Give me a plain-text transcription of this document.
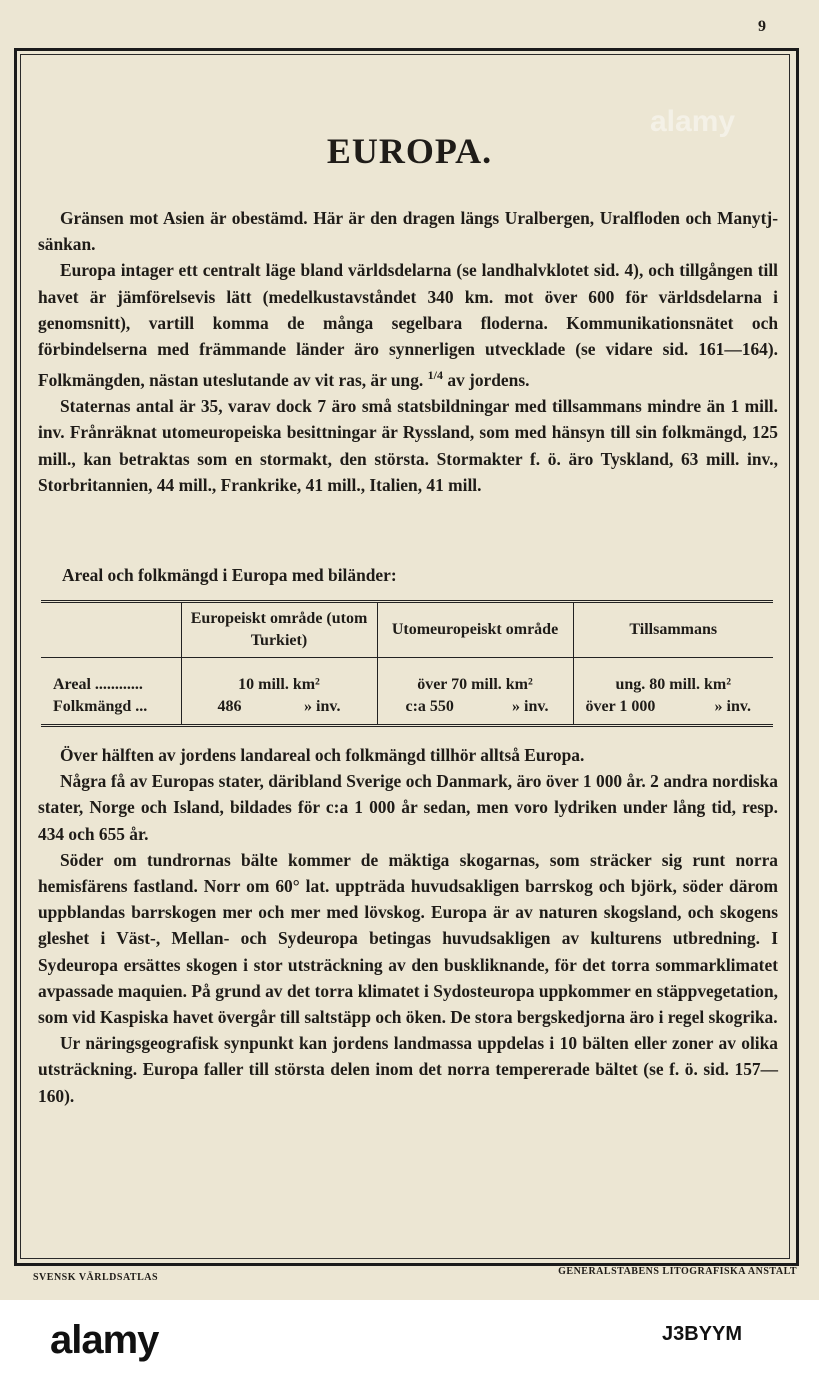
9
alamy
EUROPA.

Gränsen mot Asien är obestämd. Här är den dragen längs Uralbergen, Uralfloden och Manytj-sänkan.

Europa intager ett centralt läge bland världsdelarna (se landhalvklotet sid. 4), och tillgången till havet är jämförelsevis lätt (medelkustavståndet 340 km. mot över 600 för världsdelarna i genomsnitt), vartill komma de många segelbara floderna. Kommunikationsnätet och förbindelserna med främmande länder äro synnerligen utvecklade (se vidare sid. 161—164). Folkmängden, nästan uteslutande av vit ras, är ung. $^{1/4}$ av jordens.

Staternas antal är 35, varav dock 7 äro små statsbildningar med tillsammans mindre än 1 mill. inv. Frånräknat utomeuropeiska besittningar är Ryssland, som med hänsyn till sin folkmängd, 125 mill., kan betraktas som en stormakt, den största. Stormakter f. ö. äro Tyskland, 63 mill. inv., Storbritannien, 44 mill., Frankrike, 41 mill., Italien, 41 mill.

Areal och folkmängd i Europa med biländer:
	Europeiskt område (utom Turkiet)	Utomeuropeiskt område	Tillsammans
Areal ............	10 mill. km²	över 70 mill. km²	ung. 80 mill. km²
Folkmängd ...	486 » inv.	c:a 550 » inv.	över 1 000 » inv.

Över hälften av jordens landareal och folkmängd tillhör alltså Europa.

Några få av Europas stater, däribland Sverige och Danmark, äro över 1 000 år. 2 andra nordiska stater, Norge och Island, bildades för c:a 1 000 år sedan, men voro lydriken under lång tid, resp. 434 och 655 år.

Söder om tundrornas bälte kommer de mäktiga skogarnas, som sträcker sig runt norra hemisfärens fastland. Norr om 60° lat. uppträda huvudsakligen barrskog och björk, söder därom uppblandas barrskogen mer och mer med lövskog. Europa är av naturen skogsland, och skogens gleshet i Väst-, Mellan- och Sydeuropa betingas huvudsakligen av kulturens utbredning. I Sydeuropa ersättes skogen i stor utsträckning av den buskliknande, för det torra sommarklimatet avpassade maquien. På grund av det torra klimatet i Sydosteuropa uppkommer en stäppvegetation, som vid Kaspiska havet övergår till saltstäpp och öken. De stora bergskedjorna äro i regel skogrika.

Ur näringsgeografisk synpunkt kan jordens landmassa uppdelas i 10 bälten eller zoner av olika utsträckning. Europa faller till största delen inom det norra tempererade bältet (se f. ö. sid. 157—160).

SVENSK VÄRLDSATLAS
GENERALSTABENS LITOGRAFISKA ANSTALT
alamy	J3BYYM
